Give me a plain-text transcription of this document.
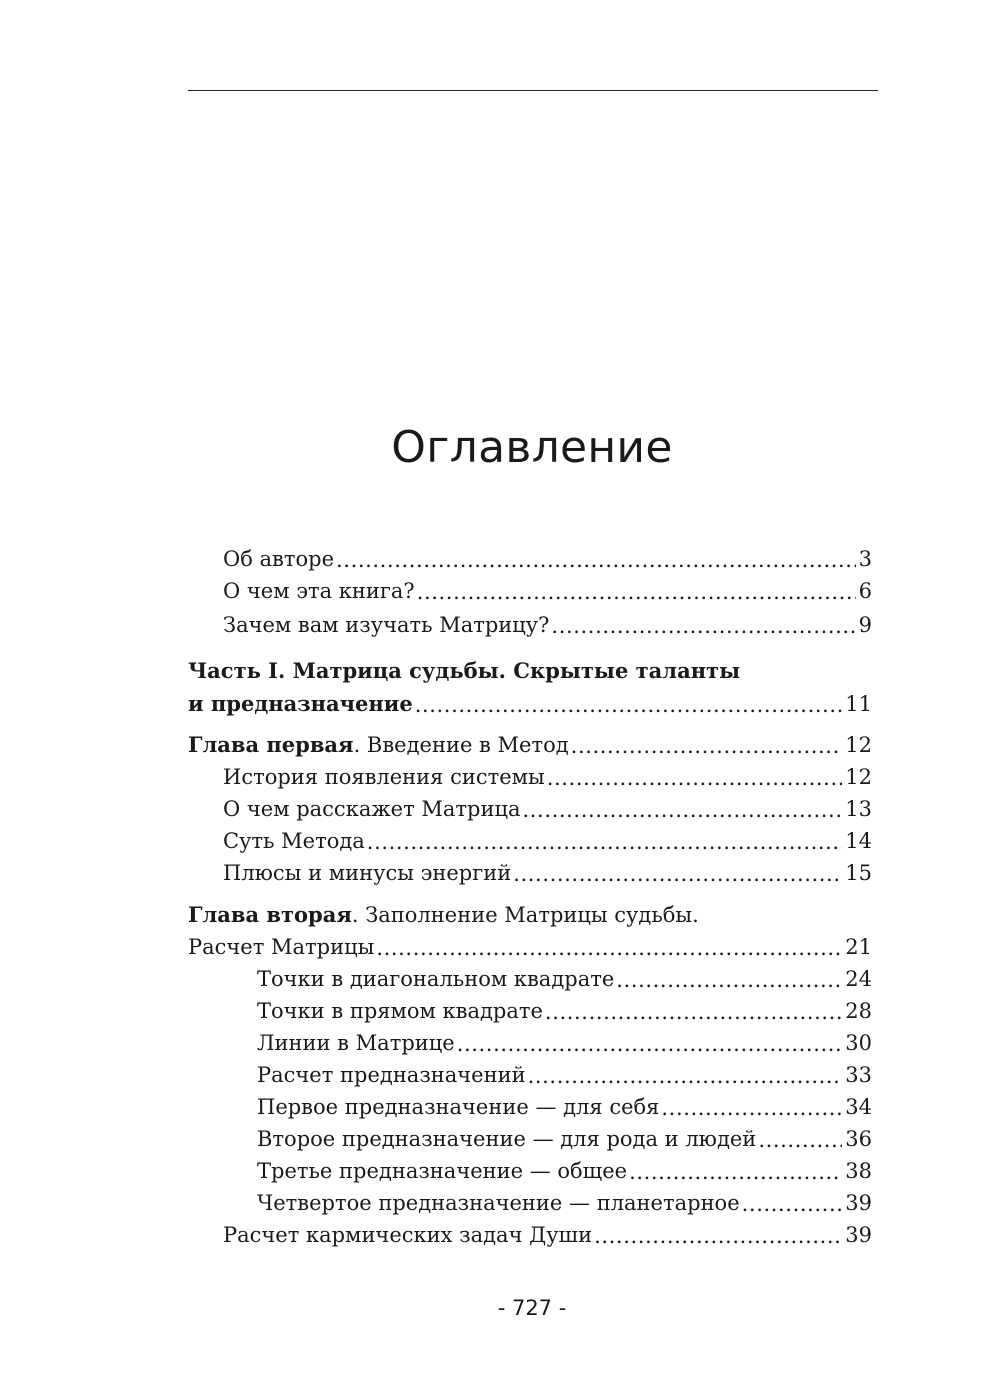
Оглавление
Об авторе .....	3
О чем эта книга? .....	6
Зачем вам изучать Матрицу? .....	9
Часть I. Матрица судьбы. Скрытые таланты
и предназначение .....	11
Глава первая. Введение в Метод .....	12
История появления системы .....	12
О чем расскажет Матрица .....	13
Суть Метода .....	14
Плюсы и минусы энергий .....	15
Глава вторая. Заполнение Матрицы судьбы.
Расчет Матрицы .....	21
Точки в диагональном квадрате .....	24
Точки в прямом квадрате .....	28
Линии в Матрице .....	30
Расчет предназначений .....	33
Первое предназначение — для себя .....	34
Второе предназначение — для рода и людей .....	36
Третье предназначение — общее .....	38
Четвертое предназначение — планетарное .....	39
Расчет кармических задач Души .....	39
- 727 -
